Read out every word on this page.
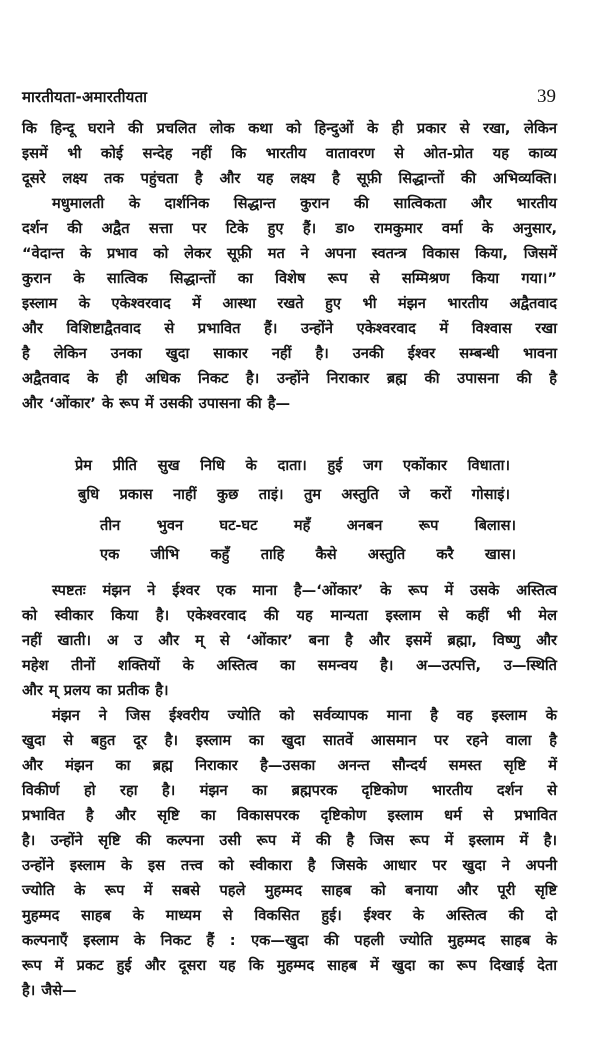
मारतीयता-अमारतीयता	39
कि हिन्दू घराने की प्रचलित लोक कथा को हिन्दुओं के ही प्रकार से रखा, लेकिन
इसमें भी कोई सन्देह नहीं कि भारतीय वातावरण से ओत-प्रोत यह काव्य
दूसरे लक्ष्य तक पहुंचता है और यह लक्ष्य है सूफ़ी सिद्धान्तों की अभिव्यक्ति।
मधुमालती के दार्शनिक सिद्धान्त कुरान की सात्विकता और भारतीय
दर्शन की अद्वैत सत्ता पर टिके हुए हैं। डा० रामकुमार वर्मा के अनुसार,
“वेदान्त के प्रभाव को लेकर सूफ़ी मत ने अपना स्वतन्त्र विकास किया, जिसमें
कुरान के सात्विक सिद्धान्तों का विशेष रूप से सम्मिश्रण किया गया।”
इस्लाम के एकेश्वरवाद में आस्था रखते हुए भी मंझन भारतीय अद्वैतवाद
और विशिष्टाद्वैतवाद से प्रभावित हैं। उन्होंने एकेश्वरवाद में विश्वास रखा
है लेकिन उनका खुदा साकार नहीं है। उनकी ईश्वर सम्बन्धी भावना
अद्वैतवाद के ही अधिक निकट है। उन्होंने निराकार ब्रह्म की उपासना की है
और ‘ओंकार’ के रूप में उसकी उपासना की है—
प्रेम प्रीति सुख निधि के दाता। हुई जग एकोंकार विधाता।
बुधि प्रकास नाहीं कुछ ताइं। तुम अस्तुति जे करों गोसाइं।
तीन भुवन घट-घट महँ अनबन रूप बिलास।
एक जीभि कहुँ ताहि कैसे अस्तुति करै खास।
स्पष्टतः मंझन ने ईश्वर एक माना है—‘ओंकार’ के रूप में उसके अस्तित्व
को स्वीकार किया है। एकेश्वरवाद की यह मान्यता इस्लाम से कहीं भी मेल
नहीं खाती। अ उ और म् से ‘ओंकार’ बना है और इसमें ब्रह्मा, विष्णु और
महेश तीनों शक्तियों के अस्तित्व का समन्वय है। अ—उत्पत्ति, उ—स्थिति
और म् प्रलय का प्रतीक है।
मंझन ने जिस ईश्वरीय ज्योति को सर्वव्यापक माना है वह इस्लाम के
खुदा से बहुत दूर है। इस्लाम का खुदा सातवें आसमान पर रहने वाला है
और मंझन का ब्रह्म निराकार है—उसका अनन्त सौन्दर्य समस्त सृष्टि में
विकीर्ण हो रहा है। मंझन का ब्रह्मपरक दृष्टिकोण भारतीय दर्शन से
प्रभावित है और सृष्टि का विकासपरक दृष्टिकोण इस्लाम धर्म से प्रभावित
है। उन्होंने सृष्टि की कल्पना उसी रूप में की है जिस रूप में इस्लाम में है।
उन्होंने इस्लाम के इस तत्त्व को स्वीकारा है जिसके आधार पर खुदा ने अपनी
ज्योति के रूप में सबसे पहले मुहम्मद साहब को बनाया और पूरी सृष्टि
मुहम्मद साहब के माध्यम से विकसित हुई। ईश्वर के अस्तित्व की दो
कल्पनाएँ इस्लाम के निकट हैं : एक—खुदा की पहली ज्योति मुहम्मद साहब के
रूप में प्रकट हुई और दूसरा यह कि मुहम्मद साहब में खुदा का रूप दिखाई देता
है। जैसे—
